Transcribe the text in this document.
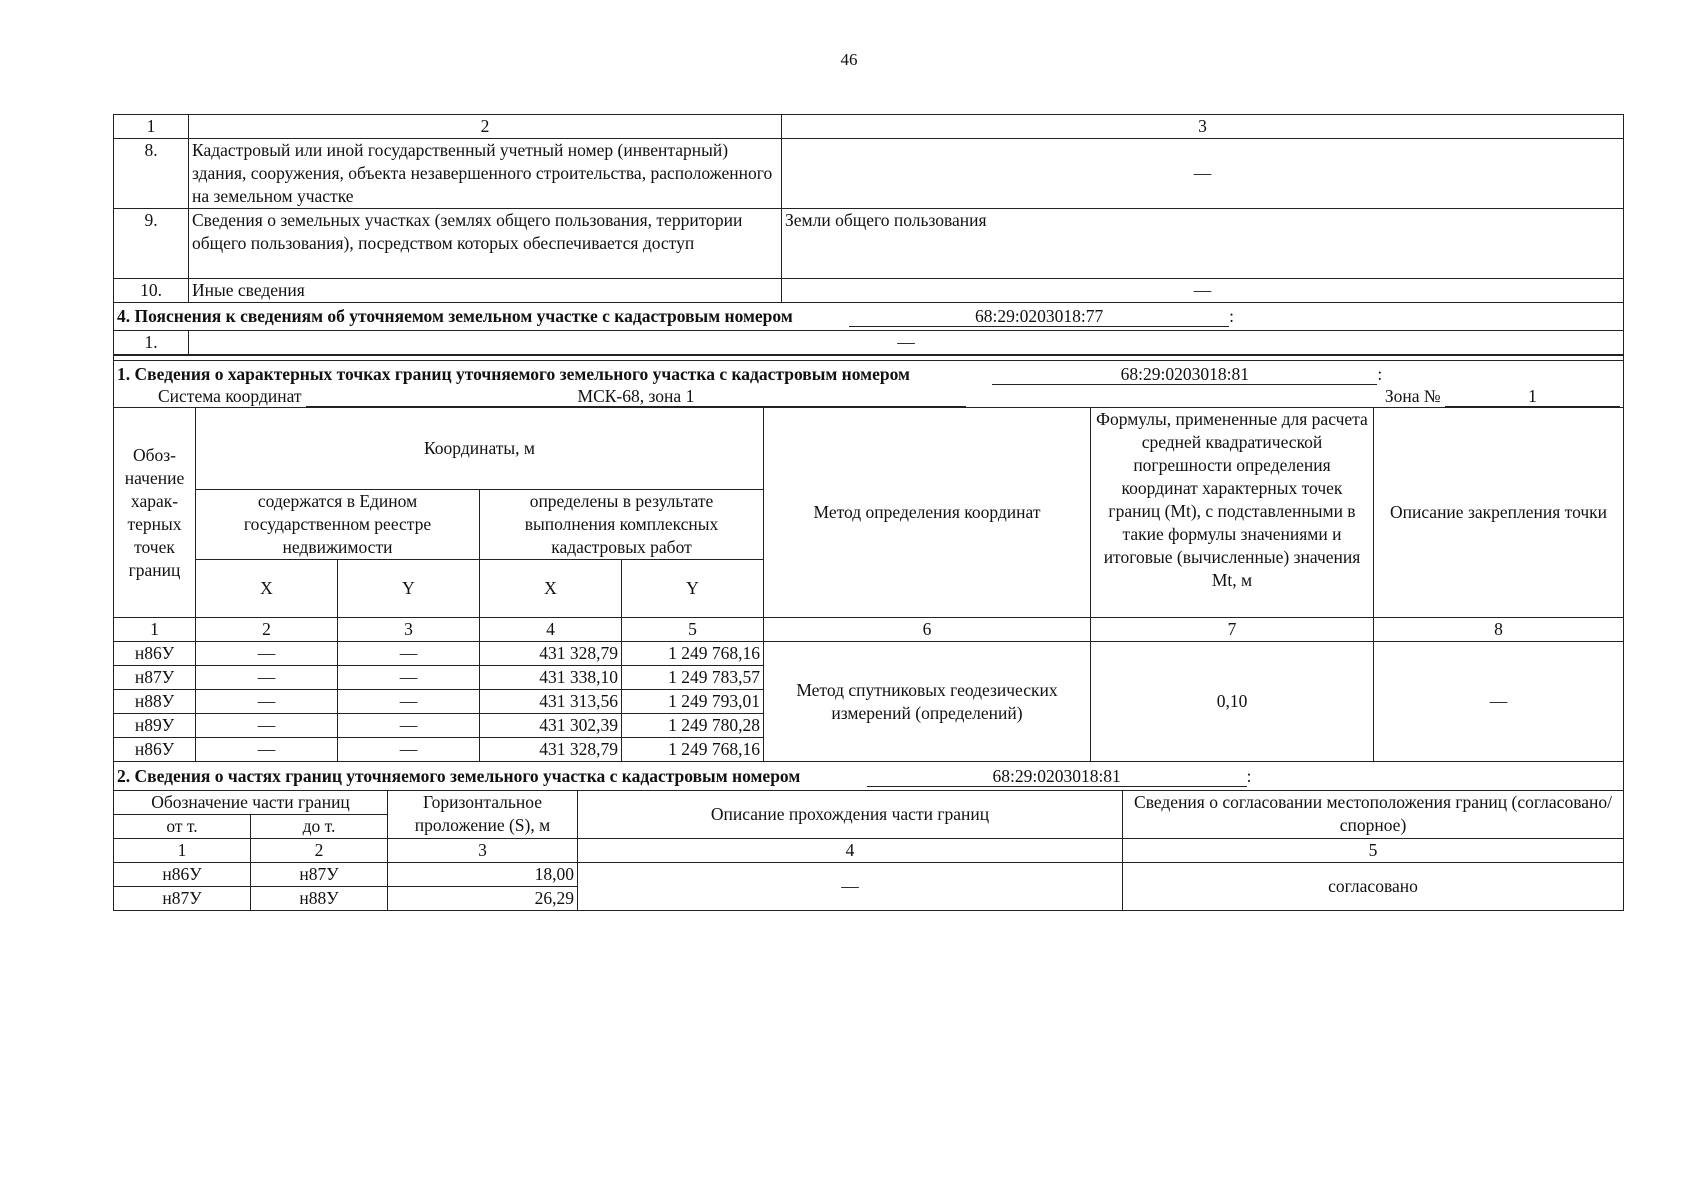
46
1	2	3
8.	Кадастровый или иной государственный учетный номер (инвентарный) здания, сооружения, объекта незавершенного строительства, расположенного на земельном участке	—
9.	Сведения о земельных участках (землях общего пользования, территории общего пользования), посредством которых обеспечивается доступ	Земли общего пользования
10.	Иные сведения	—
4. Пояснения к сведениям об уточняемом земельном участке с кадастровым номером	68:29:0203018:77	:
1.	—
1. Сведения о характерных точках границ уточняемого земельного участка с кадастровым номером 68:29:0203018:81 :							
Система координат МСК-68, зона 1 Зона № 1							

Обоз-начение харак-терных точек границ	Координаты, м				Метод определения координат	Формулы, примененные для расчета средней квадратической погрешности определения координат характерных точек границ (Mt), с подставленными в такие формулы значениями и итоговые (вычисленные) значения Mt, м	Описание закрепления точки
	содержатся в Едином государственном реестре недвижимости		определены в результате выполнения комплексных кадастровых работ				
	X	Y	X	Y			
1	2	3	4	5	6	7	8
н86У	—	—	431 328,79	1 249 768,16	Метод спутниковых геодезических измерений (определений)	0,10	—
н87У	—	—	431 338,10	1 249 783,57			
н88У	—	—	431 313,56	1 249 793,01			
н89У	—	—	431 302,39	1 249 780,28			
н86У	—	—	431 328,79	1 249 768,16			
2. Сведения о частях границ уточняемого земельного участка с кадастровым номером 68:29:0203018:81 :				
Обозначение части границ		Горизонтальное проложение (S), м	Описание прохождения части границ	Сведения о согласовании местоположения границ (согласовано/спорное)
от т.	до т.			
1	2	3	4	5
н86У	н87У	18,00	—	согласовано
н87У	н88У	26,29		
